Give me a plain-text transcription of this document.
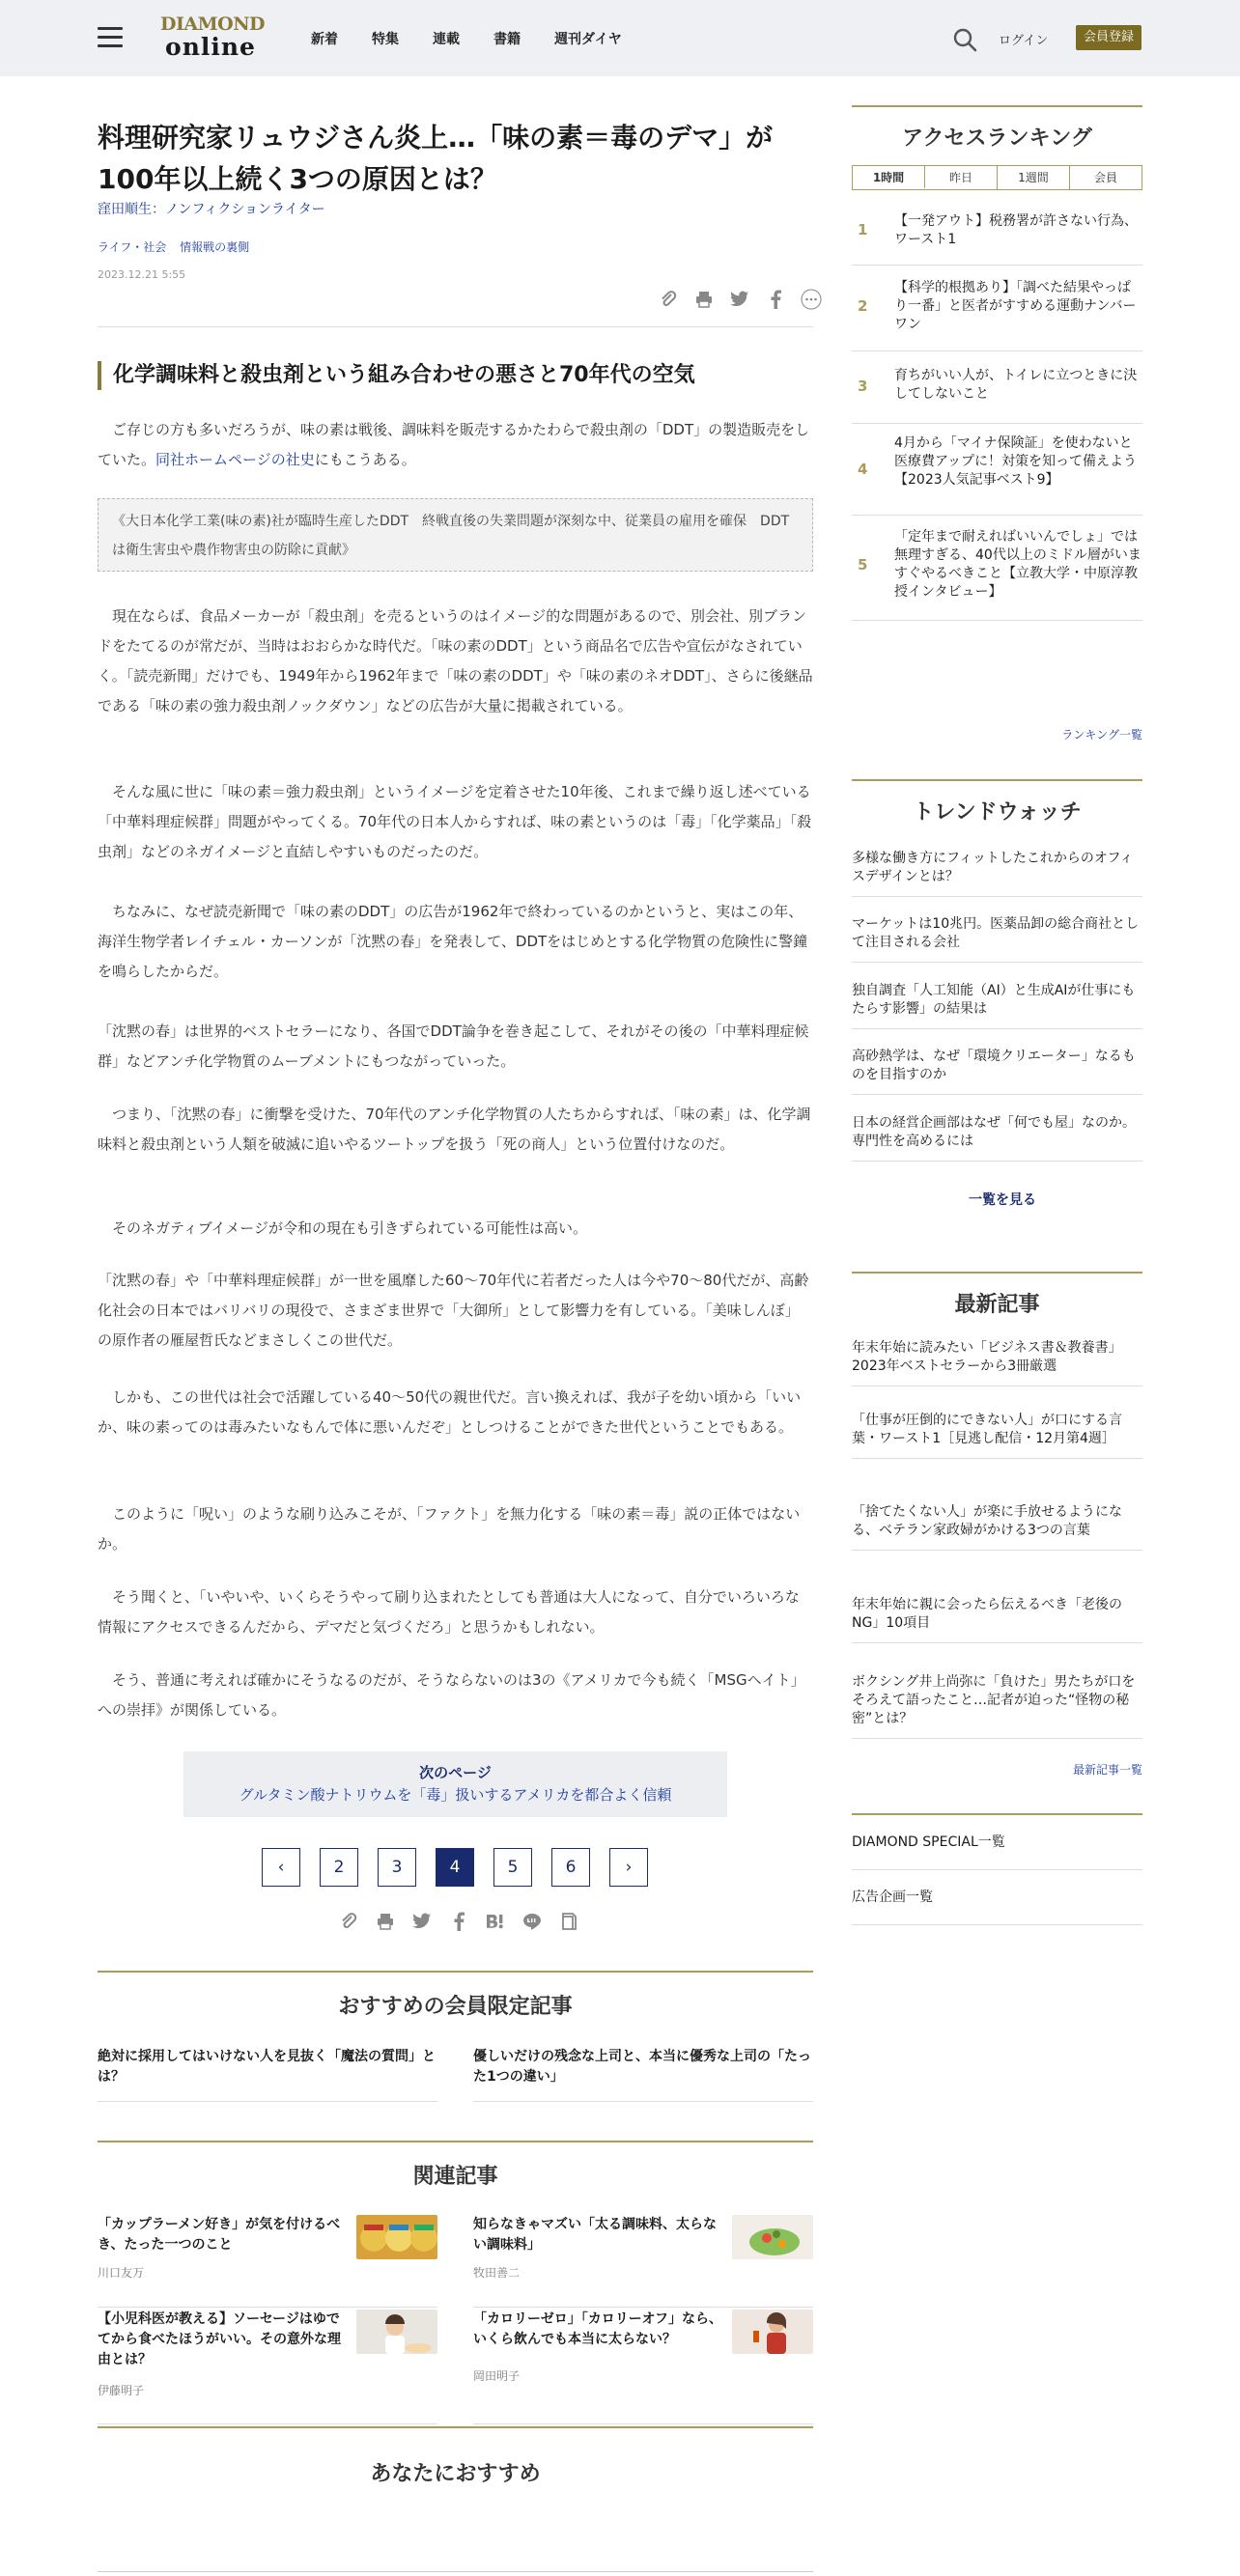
DIAMOND
online	新着	特集	連載	書籍	週刊ダイヤ	ログイン	会員登録
料理研究家リュウジさん炎上…「味の素＝毒のデマ」が100年以上続く3つの原因とは？
窪田順生：ノンフィクションライター
ライフ・社会 情報戦の裏側
2023.12.21 5:55
化学調味料と殺虫剤という組み合わせの悪さと70年代の空気

　ご存じの方も多いだろうが、味の素は戦後、調味料を販売するかたわらで殺虫剤の「DDT」の製造販売をしていた。同社ホームページの社史にもこうある。

《大日本化学工業(味の素)社が臨時生産したDDT　終戦直後の失業問題が深刻な中、従業員の雇用を確保　DDTは衛生害虫や農作物害虫の防除に貢献》

　現在ならば、食品メーカーが「殺虫剤」を売るというのはイメージ的な問題があるので、別会社、別ブランドをたてるのが常だが、当時はおおらかな時代だ。「味の素のDDT」という商品名で広告や宣伝がなされていく。「読売新聞」だけでも、1949年から1962年まで「味の素のDDT」や「味の素のネオDDT」、さらに後継品である「味の素の強力殺虫剤ノックダウン」などの広告が大量に掲載されている。

　そんな風に世に「味の素＝強力殺虫剤」というイメージを定着させた10年後、これまで繰り返し述べている「中華料理症候群」問題がやってくる。70年代の日本人からすれば、味の素というのは「毒」「化学薬品」「殺虫剤」などのネガイメージと直結しやすいものだったのだ。

　ちなみに、なぜ読売新聞で「味の素のDDT」の広告が1962年で終わっているのかというと、実はこの年、海洋生物学者レイチェル・カーソンが「沈黙の春」を発表して、DDTをはじめとする化学物質の危険性に警鐘を鳴らしたからだ。

「沈黙の春」は世界的ベストセラーになり、各国でDDT論争を巻き起こして、それがその後の「中華料理症候群」などアンチ化学物質のムーブメントにもつながっていった。

　つまり、「沈黙の春」に衝撃を受けた、70年代のアンチ化学物質の人たちからすれば、「味の素」は、化学調味料と殺虫剤という人類を破滅に追いやるツートップを扱う「死の商人」という位置付けなのだ。

　そのネガティブイメージが令和の現在も引きずられている可能性は高い。

「沈黙の春」や「中華料理症候群」が一世を風靡した60〜70年代に若者だった人は今や70〜80代だが、高齢化社会の日本ではバリバリの現役で、さまざま世界で「大御所」として影響力を有している。「美味しんぼ」の原作者の雁屋哲氏などまさしくこの世代だ。

　しかも、この世代は社会で活躍している40〜50代の親世代だ。言い換えれば、我が子を幼い頃から「いいか、味の素ってのは毒みたいなもんで体に悪いんだぞ」としつけることができた世代ということでもある。

　このように「呪い」のような刷り込みこそが、「ファクト」を無力化する「味の素＝毒」説の正体ではないか。

　そう聞くと、「いやいや、いくらそうやって刷り込まれたとしても普通は大人になって、自分でいろいろな情報にアクセスできるんだから、デマだと気づくだろ」と思うかもしれない。

　そう、普通に考えれば確かにそうなるのだが、そうならないのは3の《アメリカで今も続く「MSGヘイト」への崇拝》が関係している。

次のページ
グルタミン酸ナトリウムを「毒」扱いするアメリカを都合よく信頼
‹	2	3	4	5	6	›
おすすめの会員限定記事
絶対に採用してはいけない人を見抜く「魔法の質問」とは？
優しいだけの残念な上司と、本当に優秀な上司の「たった1つの違い」
関連記事
「カップラーメン好き」が気を付けるべき、たった一つのこと
川口友万
知らなきゃマズい「太る調味料、太らない調味料」
牧田善二
【小児科医が教える】ソーセージはゆでてから食べたほうがいい。その意外な理由とは？
伊藤明子
「カロリーゼロ」「カロリーオフ」なら、いくら飲んでも本当に太らない？
岡田明子
あなたにおすすめ
アクセスランキング
1時間	昨日	1週間	会員
1 【一発アウト】税務署が許さない行為、ワースト1
2
【科学的根拠あり】「調べた結果やっぱり一番」と医者がすすめる運動ナンバーワン
3
育ちがいい人が、トイレに立つときに決してしないこと
4
4月から「マイナ保険証」を使わないと医療費アップに！対策を知って備えよう【2023人気記事ベスト9】
5
「定年まで耐えればいいんでしょ」では無理すぎる、40代以上のミドル層がいますぐやるべきこと【立教大学・中原淳教授インタビュー】
ランキング一覧
トレンドウォッチ
多様な働き方にフィットしたこれからのオフィスデザインとは？
マーケットは10兆円。医薬品卸の総合商社として注目される会社
独自調査「人工知能（AI）と生成AIが仕事にもたらす影響」の結果は
高砂熱学は、なぜ「環境クリエーター」なるものを目指すのか
日本の経営企画部はなぜ「何でも屋」なのか。専門性を高めるには
一覧を見る
最新記事
年末年始に読みたい「ビジネス書＆教養書」2023年ベストセラーから3冊厳選
「仕事が圧倒的にできない人」が口にする言葉・ワースト1［見逃し配信・12月第4週］
「捨てたくない人」が楽に手放せるようになる、ベテラン家政婦がかける3つの言葉
年末年始に親に会ったら伝えるべき「老後のNG」10項目
ボクシング井上尚弥に「負けた」男たちが口をそろえて語ったこと…記者が迫った“怪物の秘密”とは？
最新記事一覧
DIAMOND SPECIAL一覧
広告企画一覧
